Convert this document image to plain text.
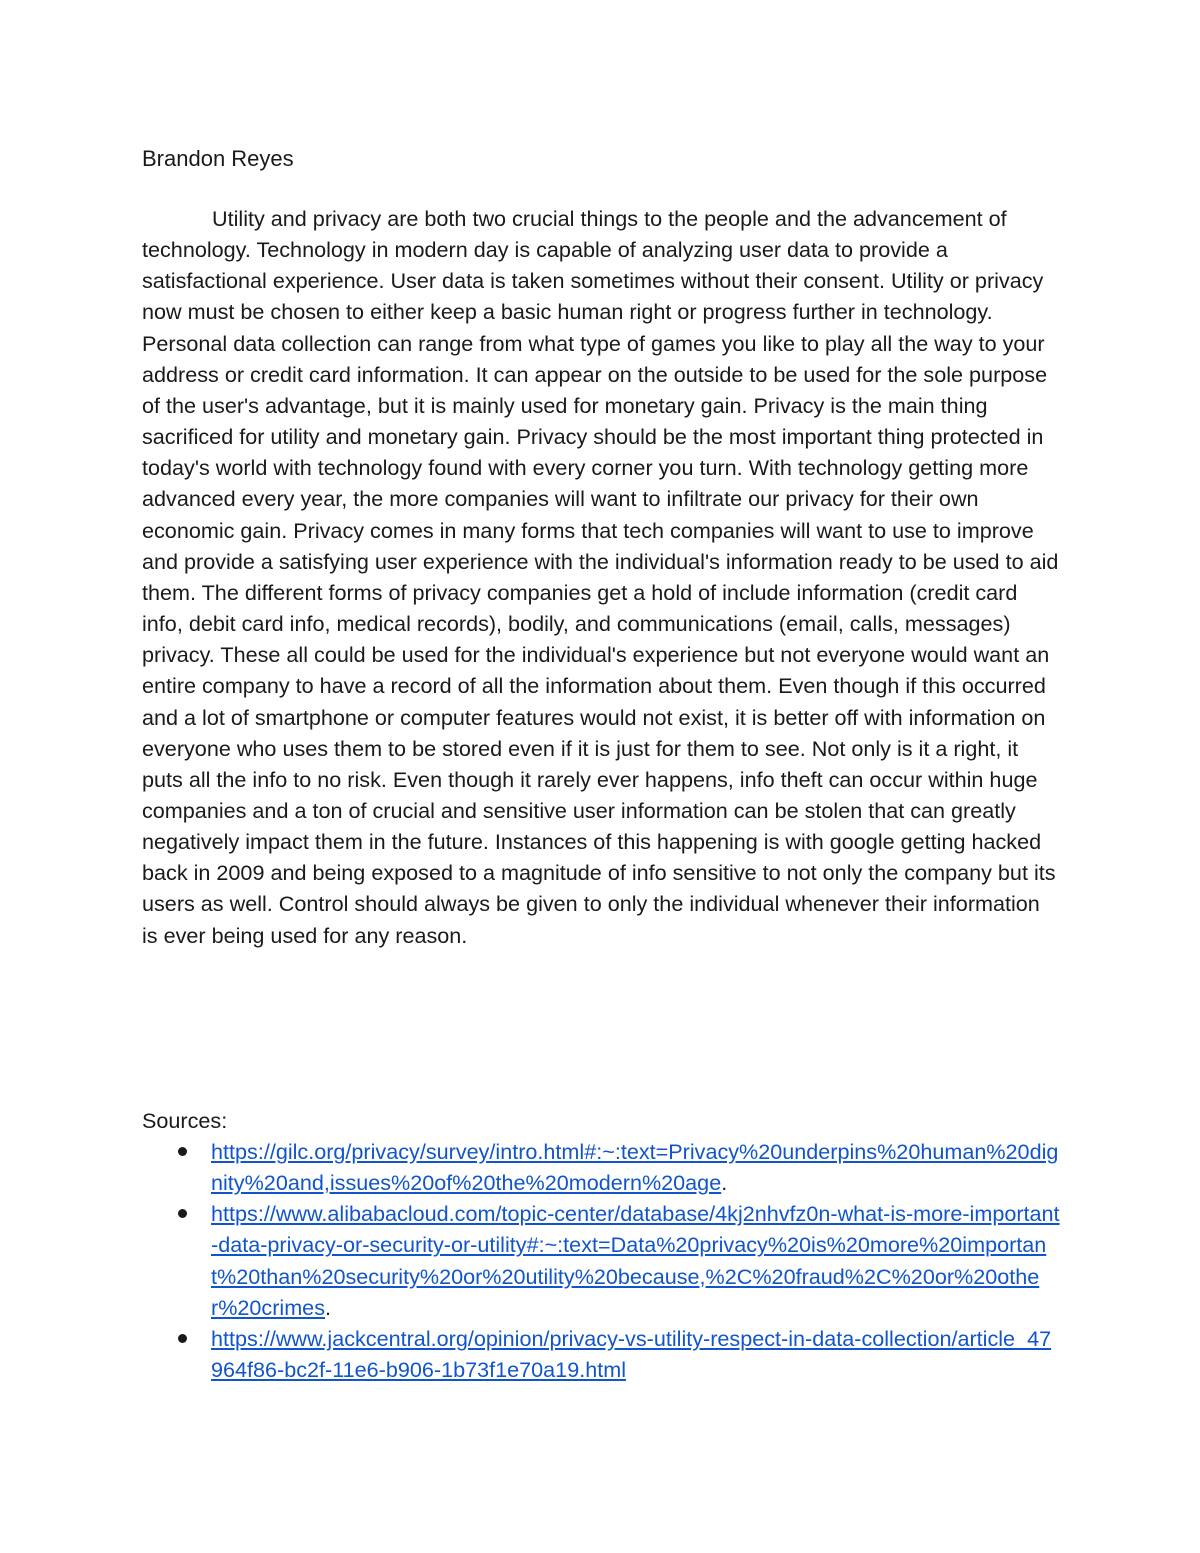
Brandon Reyes

Utility and privacy are both two crucial things to the people and the advancement of technology. Technology in modern day is capable of analyzing user data to provide a satisfactional experience. User data is taken sometimes without their consent. Utility or privacy now must be chosen to either keep a basic human right or progress further in technology. Personal data collection can range from what type of games you like to play all the way to your address or credit card information. It can appear on the outside to be used for the sole purpose of the user's advantage, but it is mainly used for monetary gain. Privacy is the main thing sacrificed for utility and monetary gain. Privacy should be the most important thing protected in today's world with technology found with every corner you turn. With technology getting more advanced every year, the more companies will want to infiltrate our privacy for their own economic gain. Privacy comes in many forms that tech companies will want to use to improve and provide a satisfying user experience with the individual's information ready to be used to aid them. The different forms of privacy companies get a hold of include information (credit card info, debit card info, medical records), bodily, and communications (email, calls, messages) privacy. These all could be used for the individual's experience but not everyone would want an entire company to have a record of all the information about them. Even though if this occurred and a lot of smartphone or computer features would not exist, it is better off with information on everyone who uses them to be stored even if it is just for them to see. Not only is it a right, it puts all the info to no risk. Even though it rarely ever happens, info theft can occur within huge companies and a ton of crucial and sensitive user information can be stolen that can greatly negatively impact them in the future. Instances of this happening is with google getting hacked back in 2009 and being exposed to a magnitude of info sensitive to not only the company but its users as well. Control should always be given to only the individual whenever their information is ever being used for any reason.

Sources:

https://gilc.org/privacy/survey/intro.html#:~:text=Privacy%20underpins%20human%20dignity%20and,issues%20of%20the%20modern%20age.
https://www.alibabacloud.com/topic-center/database/4kj2nhvfz0n-what-is-more-important-data-privacy-or-security-or-utility#:~:text=Data%20privacy%20is%20more%20important%20than%20security%20or%20utility%20because,%2C%20fraud%2C%20or%20other%20crimes.
https://www.jackcentral.org/opinion/privacy-vs-utility-respect-in-data-collection/article_47964f86-bc2f-11e6-b906-1b73f1e70a19.html
